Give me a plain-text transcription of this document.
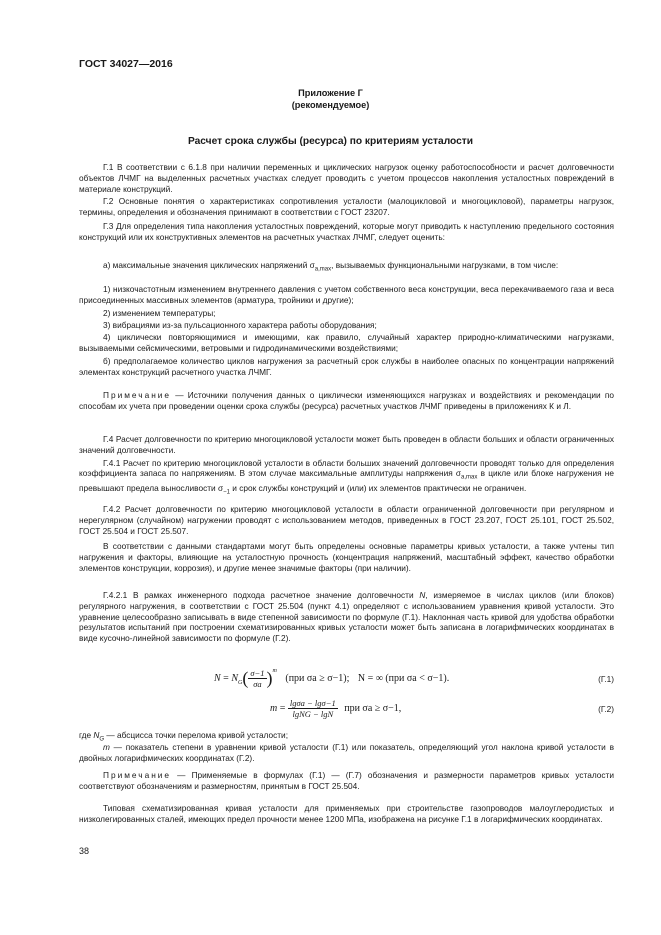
ГОСТ 34027—2016
Приложение Г
(рекомендуемое)
Расчет срока службы (ресурса) по критериям усталости
Г.1 В соответствии с 6.1.8 при наличии переменных и циклических нагрузок оценку работоспособности и расчет долговечности объектов ЛЧМГ на выделенных расчетных участках следует проводить с учетом процессов накопления усталостных повреждений в материале конструкций.
Г.2 Основные понятия о характеристиках сопротивления усталости (малоцикловой и многоцикловой), параметры нагрузок, термины, определения и обозначения принимают в соответствии с ГОСТ 23207.
Г.3 Для определения типа накопления усталостных повреждений, которые могут приводить к наступлению предельного состояния конструкций или их конструктивных элементов на расчетных участках ЛЧМГ, следует оценить:
а) максимальные значения циклических напряжений $\sigma_{a,max}$, вызываемых функциональными нагрузками, в том числе:
1) низкочастотным изменением внутреннего давления с учетом собственного веса конструкции, веса перекачиваемого газа и веса присоединенных массивных элементов (арматура, тройники и другие);
2) изменением температуры;
3) вибрациями из-за пульсационного характера работы оборудования;
4) циклически повторяющимися и имеющими, как правило, случайный характер природно-климатическими нагрузками, вызываемыми сейсмическими, ветровыми и гидродинамическими воздействиями;
б) предполагаемое количество циклов нагружения за расчетный срок службы в наиболее опасных по концентрации напряжений элементах конструкций расчетного участка ЛЧМГ.
Примечание — Источники получения данных о циклически изменяющихся нагрузках и воздействиях и рекомендации по способам их учета при проведении оценки срока службы (ресурса) расчетных участков ЛЧМГ приведены в приложениях К и Л.
Г.4 Расчет долговечности по критерию многоцикловой усталости может быть проведен в области больших и области ограниченных значений долговечности.
Г.4.1 Расчет по критерию многоцикловой усталости в области больших значений долговечности проводят только для определения коэффициента запаса по напряжениям. В этом случае максимальные амплитуды напряжения $\sigma_{a,max}$ в цикле или блоке нагружения не превышают предела выносливости $\sigma_{-1}$ и срок службы конструкций и (или) их элементов практически не ограничен.
Г.4.2 Расчет долговечности по критерию многоцикловой усталости в области ограниченной долговечности при регулярном и нерегулярном (случайном) нагружении проводят с использованием методов, приведенных в ГОСТ 23.207, ГОСТ 25.101, ГОСТ 25.502, ГОСТ 25.504 и ГОСТ 25.507.
В соответствии с данными стандартами могут быть определены основные параметры кривых усталости, а также учтены тип нагружения и факторы, влияющие на усталостную прочность (концентрация напряжений, масштабный эффект, качество обработки элементов конструкции, коррозия), и другие менее значимые факторы (при наличии).
Г.4.2.1 В рамках инженерного подхода расчетное значение долговечности N, измеряемое в числах циклов (или блоков) регулярного нагружения, в соответствии с ГОСТ 25.504 (пункт 4.1) определяют с использованием уравнения кривой усталости. Это уравнение целесообразно записывать в виде степенной зависимости по формуле (Г.1). Наклонная часть кривой для удобства обработки результатов испытаний при построении схематизированных кривых усталости может быть записана в логарифмических координатах в виде кусочно-линейной зависимости по формуле (Г.2).
$N = N_G( \frac{\sigma-1}{\sigma a} )^m$ (при σa ≥ σ−1); N = ∞ (при σa < σ−1).	(Г.1)
$m = \frac{\lg\sigma a - \lg\sigma-1}{\text{lgNG − lgN}}$ при σa ≥ σ−1,	(Г.2)
где $N_G$ — абсцисса точки перелома кривой усталости;
m — показатель степени в уравнении кривой усталости (Г.1) или показатель, определяющий угол наклона кривой усталости в двойных логарифмических координатах (Г.2).
Примечание — Применяемые в формулах (Г.1) — (Г.7) обозначения и размерности параметров кривых усталости соответствуют обозначениям и размерностям, принятым в ГОСТ 25.504.
Типовая схематизированная кривая усталости для применяемых при строительстве газопроводов малоуглеродистых и низколегированных сталей, имеющих предел прочности менее 1200 МПа, изображена на рисунке Г.1 в логарифмических координатах.
38
